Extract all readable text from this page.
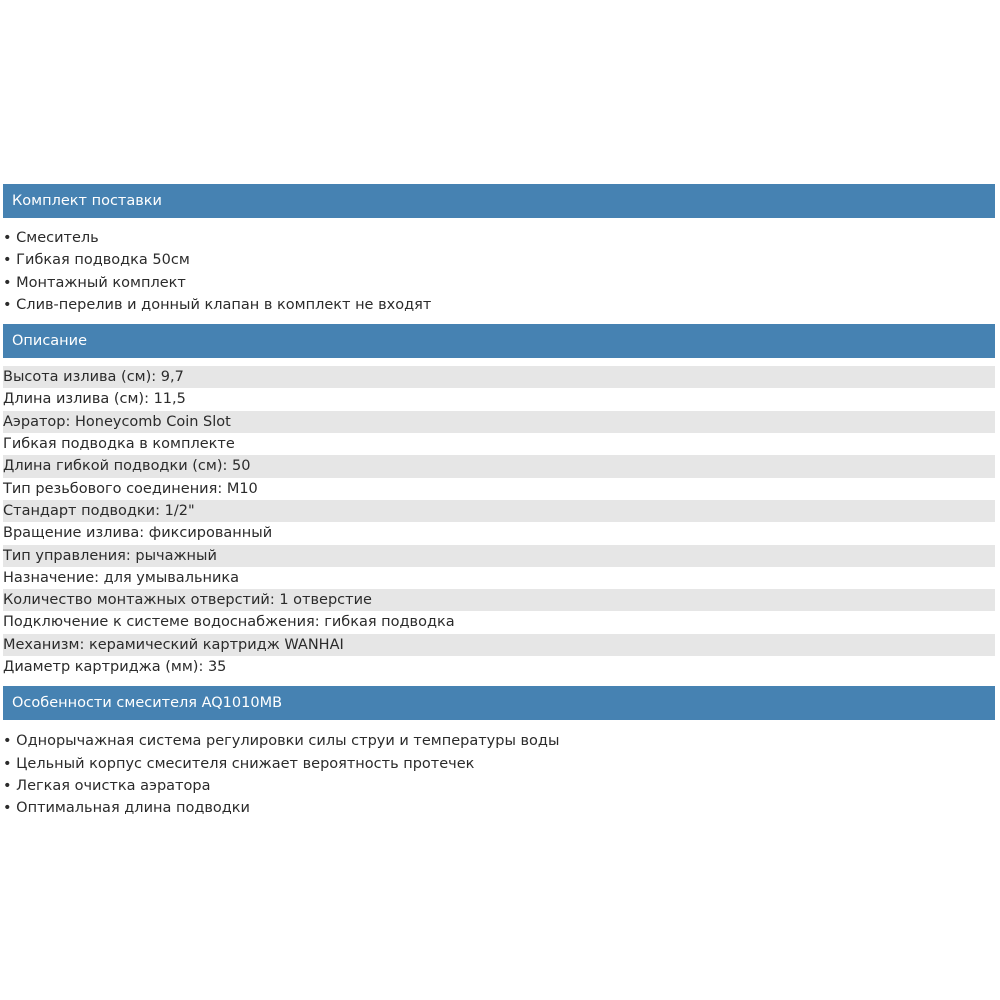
Комплект поставки
• Смеситель
• Гибкая подводка 50см
• Монтажный комплект
• Слив-перелив и донный клапан в комплект не входят
Описание
Высота излива (см): 9,7
Длина излива (см): 11,5
Аэратор: Honeycomb Coin Slot
Гибкая подводка в комплекте
Длина гибкой подводки (см): 50
Тип резьбового соединения: M10
Стандарт подводки: 1/2"
Вращение излива: фиксированный
Тип управления: рычажный
Назначение: для умывальника
Количество монтажных отверстий: 1 отверстие
Подключение к системе водоснабжения: гибкая подводка
Механизм: керамический картридж WANHAI
Диаметр картриджа (мм): 35
Особенности смесителя AQ1010MB
• Однорычажная система регулировки силы струи и температуры воды
• Цельный корпус смесителя снижает вероятность протечек
• Легкая очистка аэратора
• Оптимальная длина подводки
